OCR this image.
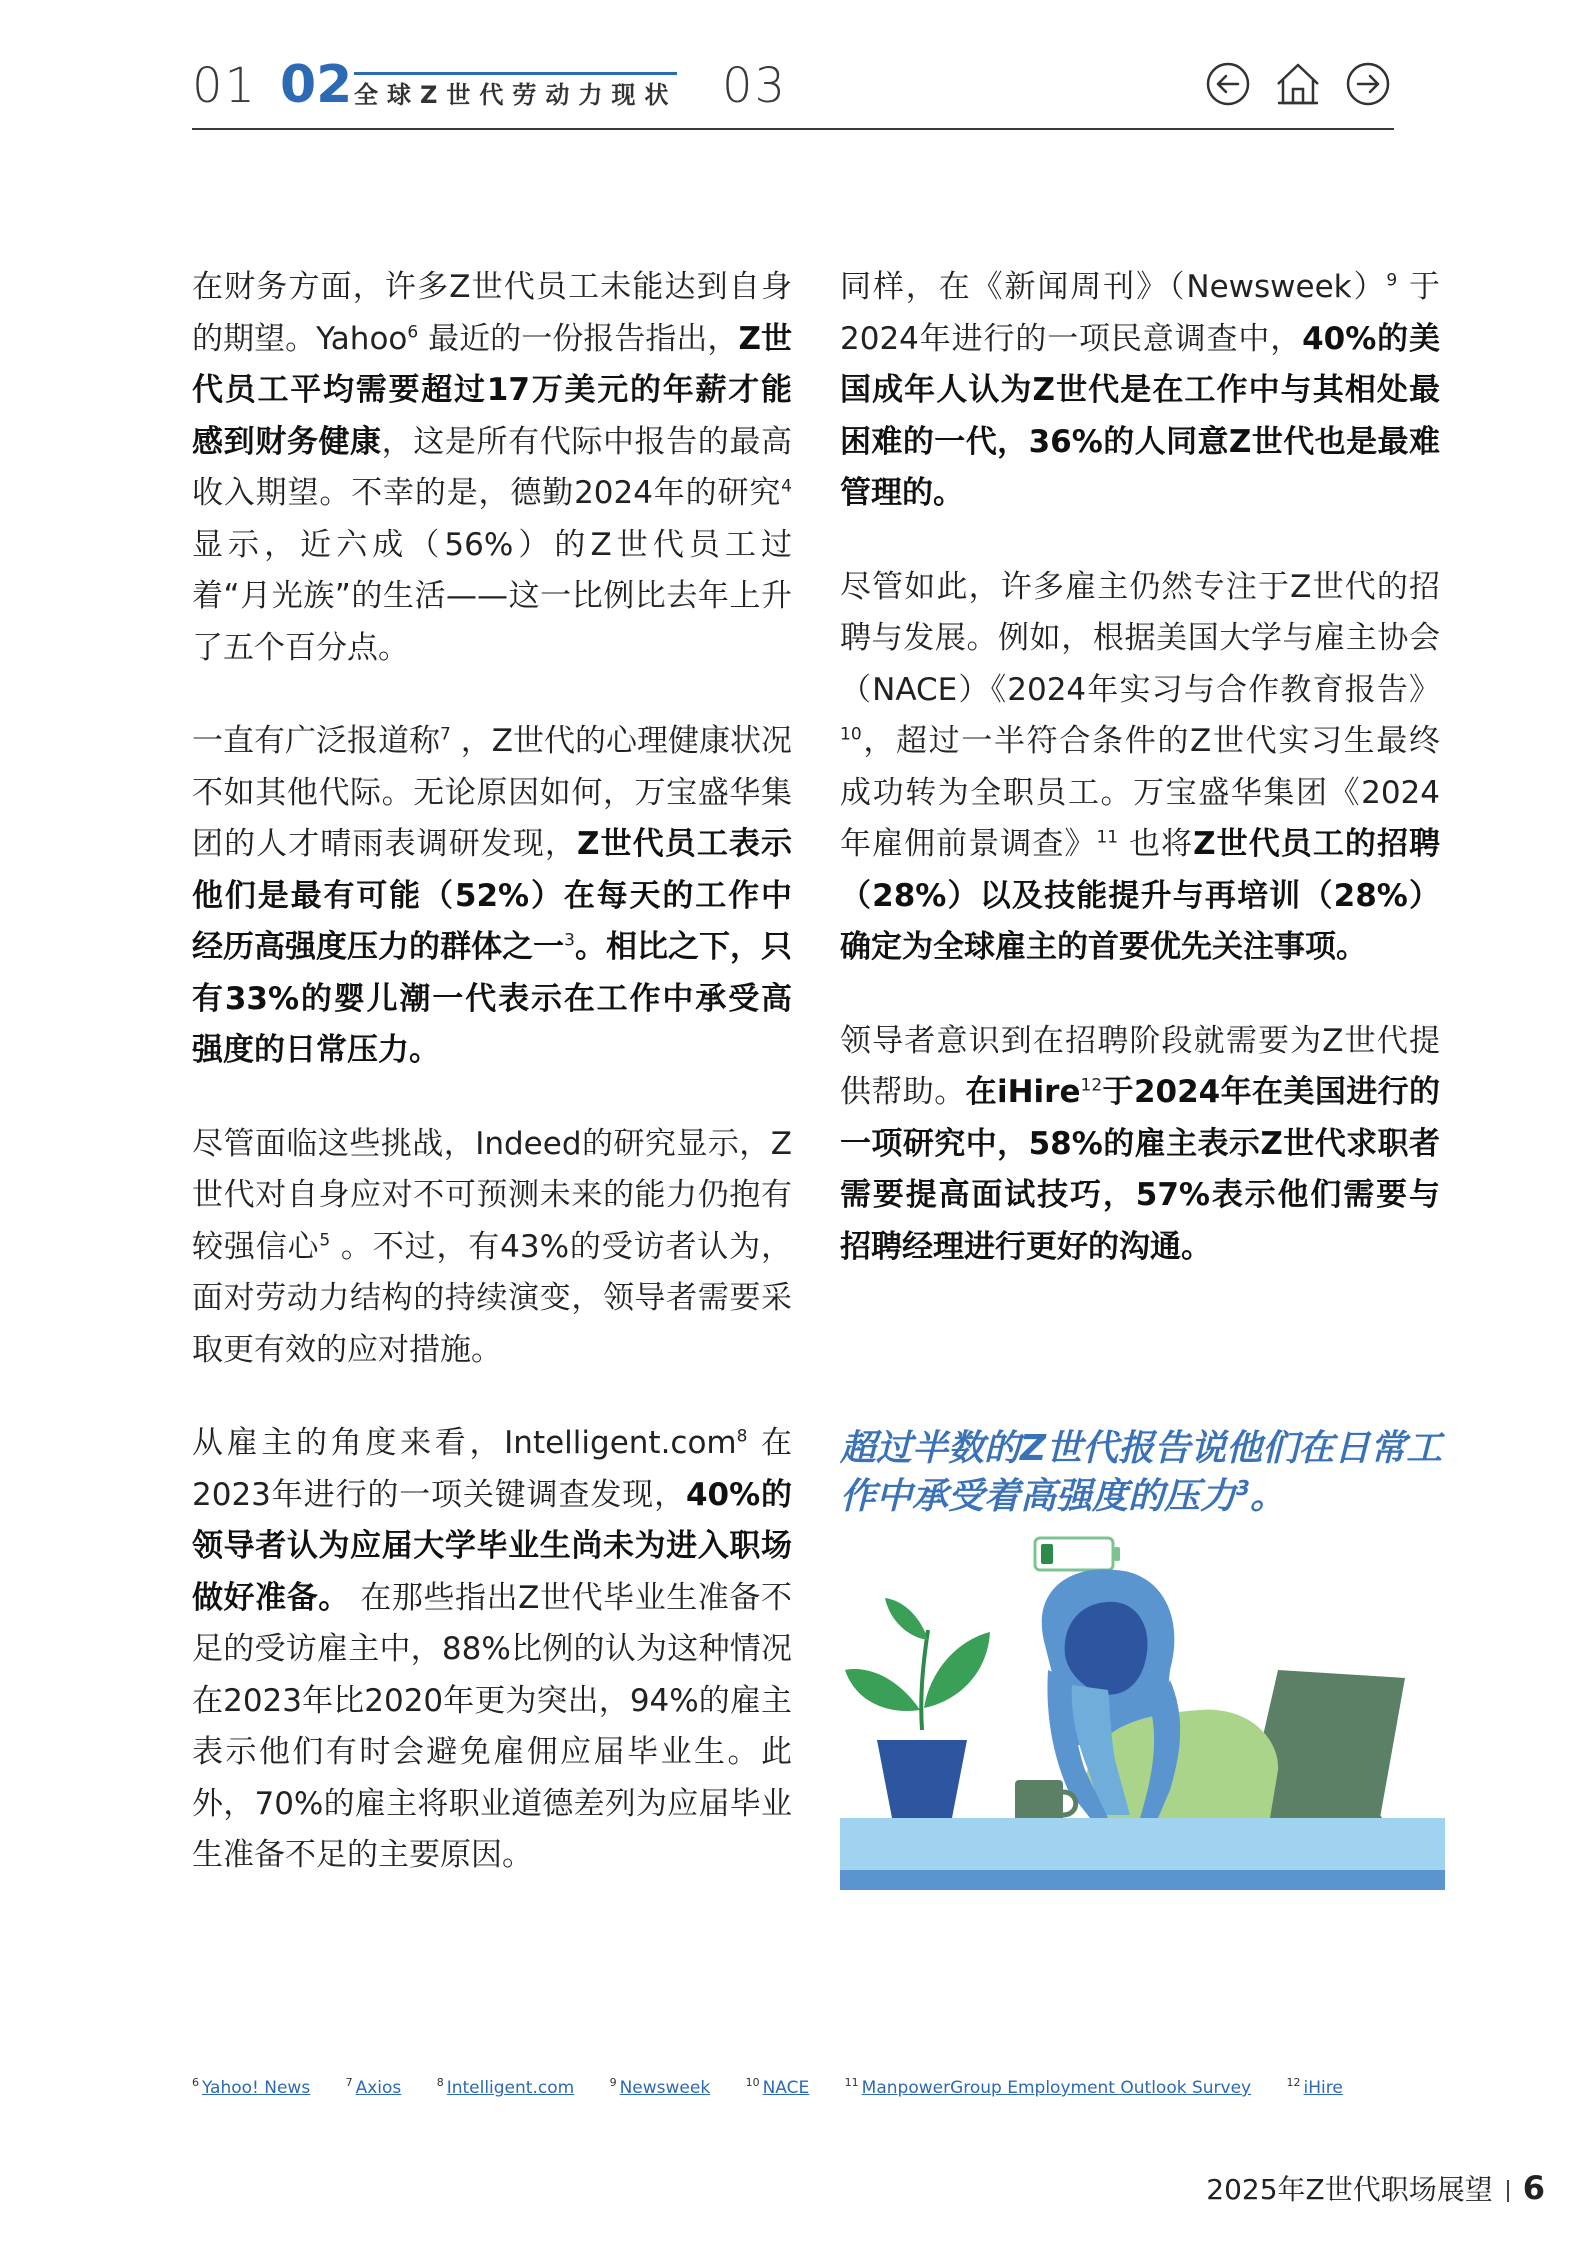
01 02 全球Z世代劳动力现状 03

在财务方面，许多Z世代员工未能达到自身的期望。Yahoo$^6$ 最近的一份报告指出，Z世代员工平均需要超过17万美元的年薪才能感到财务健康，这是所有代际中报告的最高收入期望。不幸的是，德勤2024年的研究$^4$显示，近六成（56%）的Z世代员工过着“月光族”的生活——这一比例比去年上升了五个百分点。

一直有广泛报道称$^7$ ，Z世代的心理健康状况不如其他代际。无论原因如何，万宝盛华集团的人才晴雨表调研发现，Z世代员工表示他们是最有可能（52%）在每天的工作中经历高强度压力的群体之一$^3$。相比之下，只有33%的婴儿潮一代表示在工作中承受高强度的日常压力。

尽管面临这些挑战，Indeed的研究显示，Z世代对自身应对不可预测未来的能力仍抱有较强信心$^5$ 。不过，有43%的受访者认为，面对劳动力结构的持续演变，领导者需要采取更有效的应对措施。

从雇主的角度来看，Intelligent.com$^8$ 在2023年进行的一项关键调查发现，40%的领导者认为应届大学毕业生尚未为进入职场做好准备。 在那些指出Z世代毕业生准备不足的受访雇主中，88%比例的认为这种情况在2023年比2020年更为突出，94%的雇主表示他们有时会避免雇佣应届毕业生。此外，70%的雇主将职业道德差列为应届毕业生准备不足的主要原因。

同样，在《新闻周刊》（Newsweek）$^9$ 于2024年进行的一项民意调查中，40%的美国成年人认为Z世代是在工作中与其相处最困难的一代，36%的人同意Z世代也是最难管理的。

尽管如此，许多雇主仍然专注于Z世代的招聘与发展。例如，根据美国大学与雇主协会（NACE）《2024年实习与合作教育报告》$^{10}$，超过一半符合条件的Z世代实习生最终成功转为全职员工。万宝盛华集团《2024年雇佣前景调查》$^{11}$ 也将Z世代员工的招聘（28%）以及技能提升与再培训（28%）确定为全球雇主的首要优先关注事项。

领导者意识到在招聘阶段就需要为Z世代提供帮助。在iHire$^{12}$于2024年在美国进行的一项研究中，58%的雇主表示Z世代求职者需要提高面试技巧，57%表示他们需要与招聘经理进行更好的沟通。

超过半数的Z世代报告说他们在日常工作中承受着高强度的压力$^3$。
$^6$ Yahoo! News	$^7$ Axios	$^8$ Intelligent.com	$^9$ Newsweek	$^{10}$ NACE	$^{11}$ ManpowerGroup Employment Outlook Survey	$^{12}$ iHire
2025年Z世代职场展望 6
